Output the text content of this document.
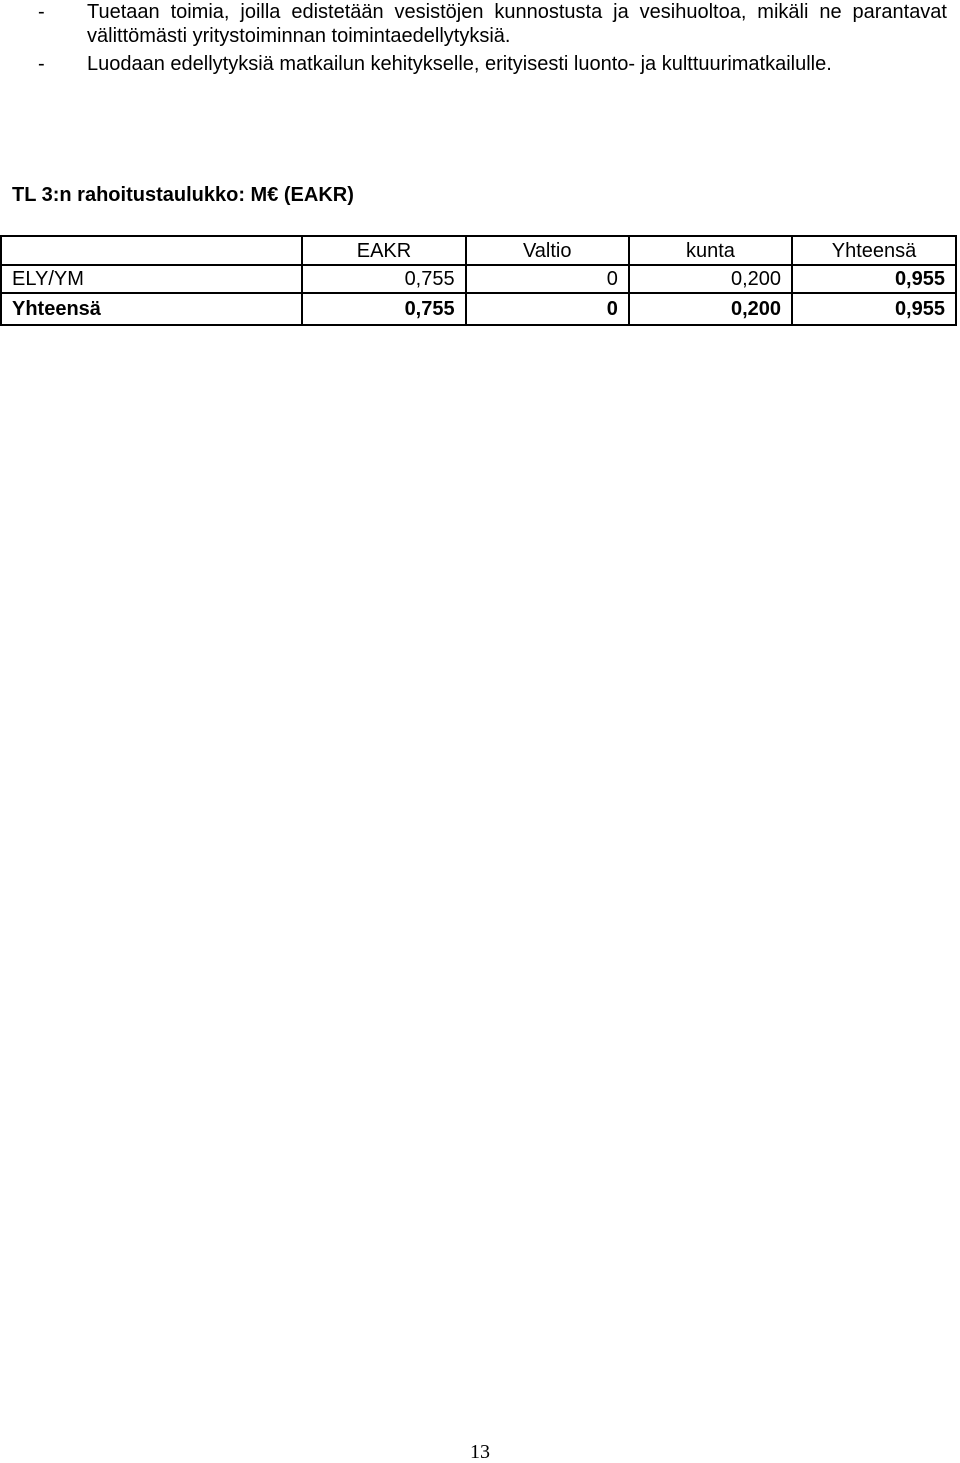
- Tuetaan toimia, joilla edistetään vesistöjen kunnostusta ja vesihuoltoa, mikäli ne parantavat välittömästi yritystoiminnan toimintaedellytyksiä.
- Luodaan edellytyksiä matkailun kehitykselle, erityisesti luonto- ja kulttuurimatkailulle.
TL 3:n rahoitustaulukko: M€ (EAKR)
	EAKR	Valtio	kunta	Yhteensä
ELY/YM	0,755	0	0,200	0,955
Yhteensä	0,755	0	0,200	0,955
13
